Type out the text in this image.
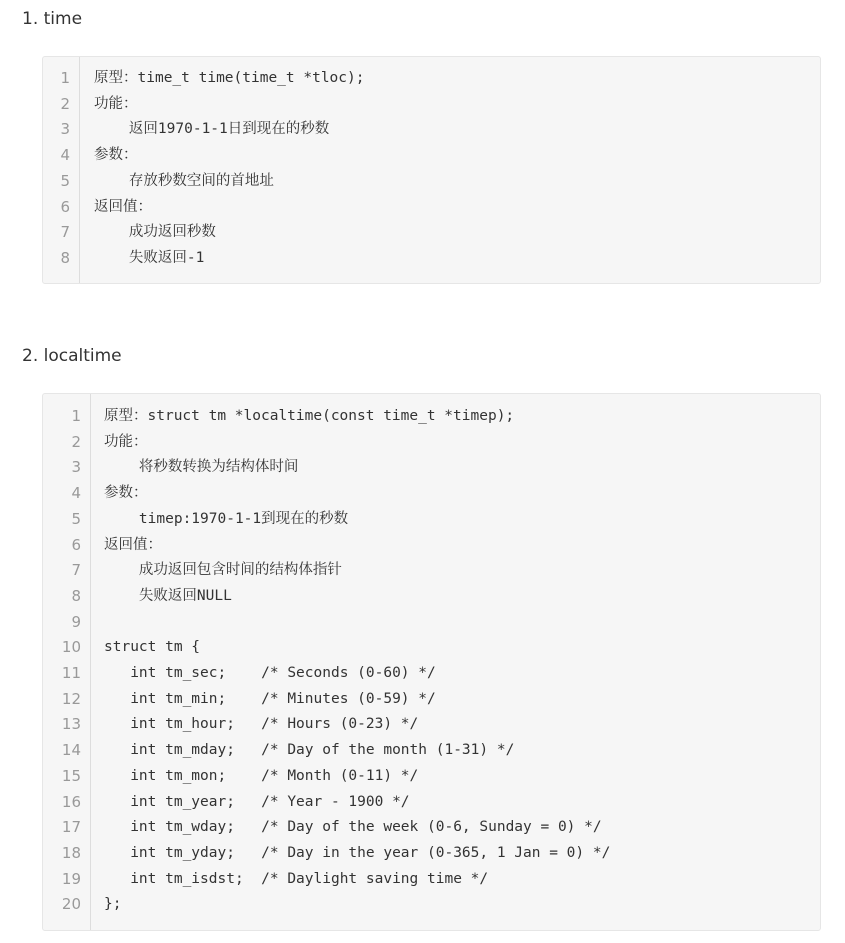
1. time
1 原型：time_t time(time_t *tloc);
2 功能：
3 返回1970-1-1日到现在的秒数
4 参数：
5 存放秒数空间的首地址
6 返回值：
7 成功返回秒数
8 失败返回-1
2. localtime
1 原型：struct tm *localtime(const time_t *timep);
2 功能：
3 将秒数转换为结构体时间
4 参数：
5 timep:1970-1-1到现在的秒数
6 返回值：
7 成功返回包含时间的结构体指针
8 失败返回NULL
9
10 struct tm {
11 int tm_sec;    /* Seconds (0-60) */
12 int tm_min;    /* Minutes (0-59) */
13 int tm_hour;   /* Hours (0-23) */
14 int tm_mday;   /* Day of the month (1-31) */
15 int tm_mon;    /* Month (0-11) */
16 int tm_year;   /* Year - 1900 */
17 int tm_wday;   /* Day of the week (0-6, Sunday = 0) */
18 int tm_yday;   /* Day in the year (0-365, 1 Jan = 0) */
19 int tm_isdst;  /* Daylight saving time */
20 };
